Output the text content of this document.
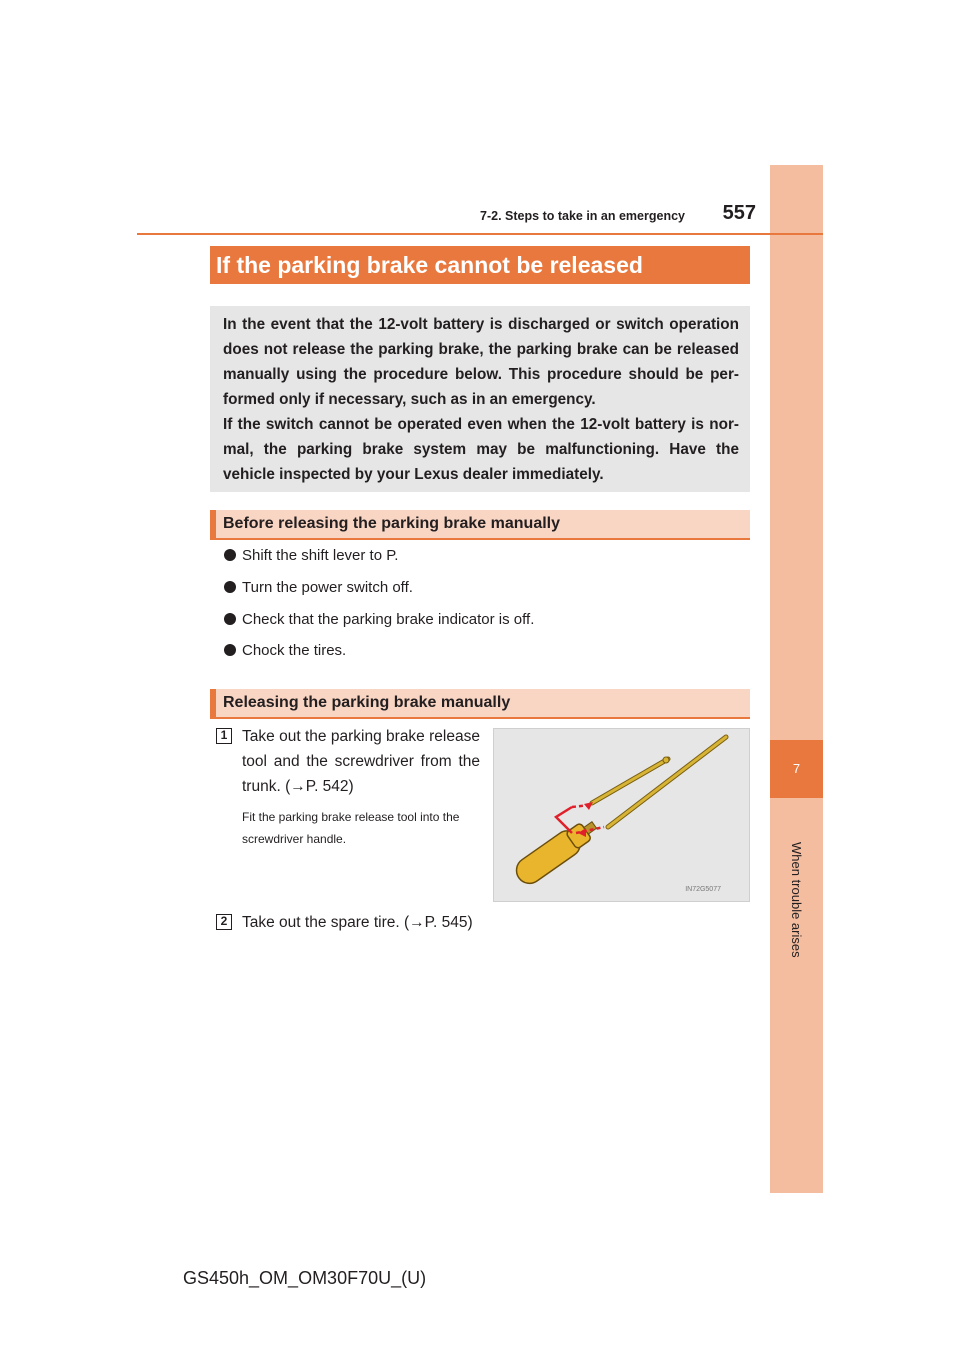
7
When trouble arises
7-2. Steps to take in an emergency	557
If the parking brake cannot be released

In the event that the 12-volt battery is discharged or switch operation does not release the parking brake, the parking brake can be released manually using the procedure below. This procedure should be per-formed only if necessary, such as in an emergency.

If the switch cannot be operated even when the 12-volt battery is nor-mal, the parking brake system may be malfunctioning. Have the vehicle inspected by your Lexus dealer immediately.

Before releasing the parking brake manually
Shift the shift lever to P.
Turn the power switch off.
Check that the parking brake indicator is off.
Chock the tires.
Releasing the parking brake manually
1 Take out the parking brake release tool and the screwdriver from the trunk. (→P. 542)
Fit the parking brake release tool into the screwdriver handle.
IN72G5077
2 Take out the spare tire. (→P. 545)
GS450h_OM_OM30F70U_(U)
